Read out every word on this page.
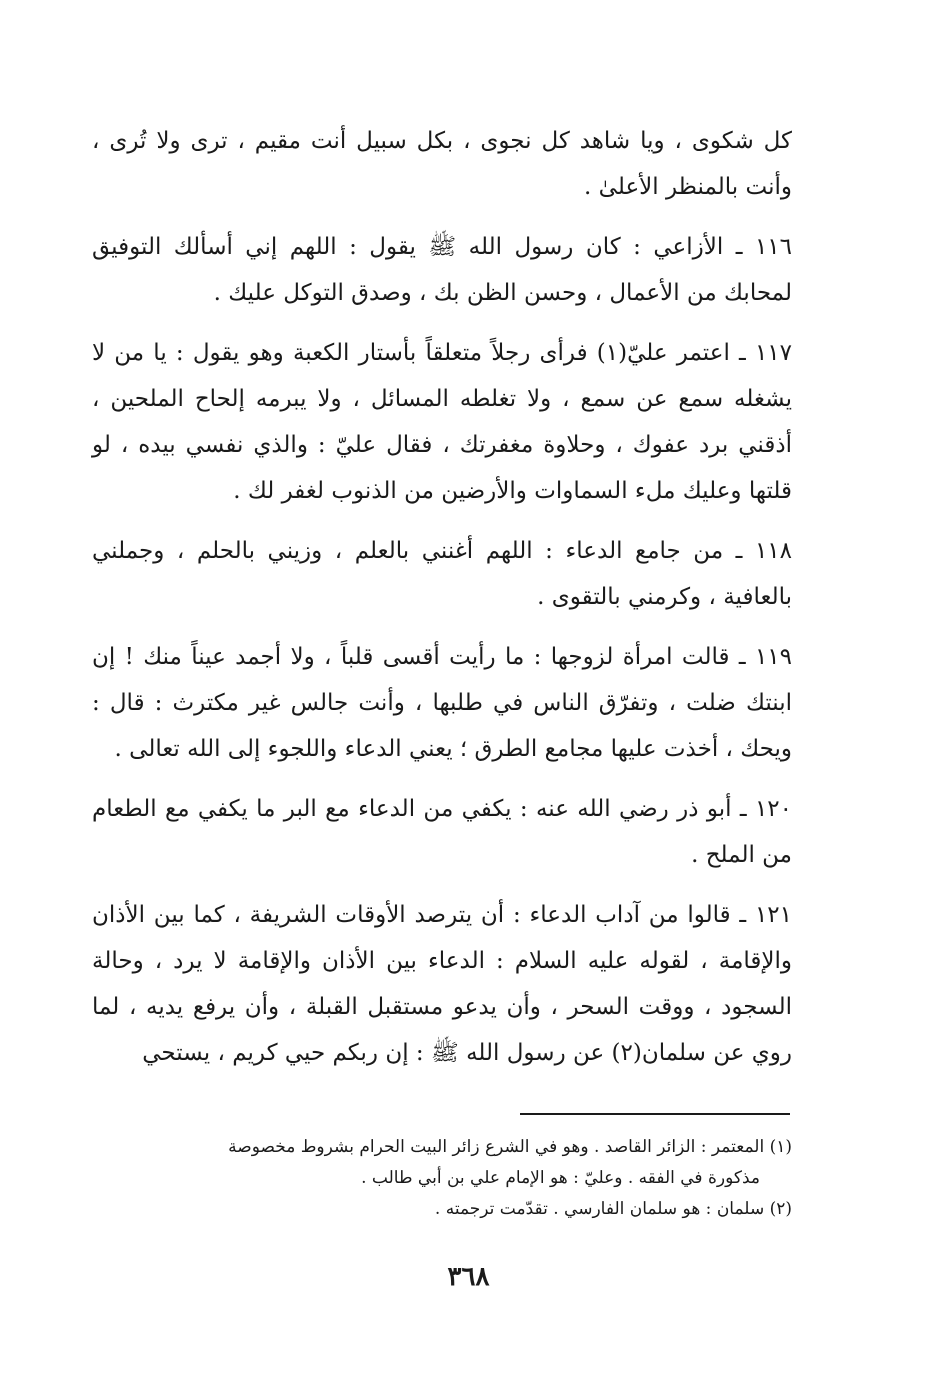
كل شكوى ، ويا شاهد كل نجوى ، بكل سبيل أنت مقيم ، ترى ولا تُرى ، وأنت بالمنظر الأعلىٰ .

١١٦ ـ الأزاعي : كان رسول الله ﷺ يقول : اللهم إني أسألك التوفيق لمحابك من الأعمال ، وحسن الظن بك ، وصدق التوكل عليك .

١١٧ ـ اعتمر عليّ(١) فرأى رجلاً متعلقاً بأستار الكعبة وهو يقول : يا من لا يشغله سمع عن سمع ، ولا تغلطه المسائل ، ولا يبرمه إلحاح الملحين ، أذقني برد عفوك ، وحلاوة مغفرتك ، فقال عليّ : والذي نفسي بيده ، لو قلتها وعليك ملء السماوات والأرضين من الذنوب لغفر لك .

١١٨ ـ من جامع الدعاء : اللهم أغنني بالعلم ، وزيني بالحلم ، وجملني بالعافية ، وكرمني بالتقوى .

١١٩ ـ قالت امرأة لزوجها : ما رأيت أقسى قلباً ، ولا أجمد عيناً منك ! إن ابنتك ضلت ، وتفرّق الناس في طلبها ، وأنت جالس غير مكترث : قال : ويحك ، أخذت عليها مجامع الطرق ؛ يعني الدعاء واللجوء إلى الله تعالى .

١٢٠ ـ أبو ذر رضي الله عنه : يكفي من الدعاء مع البر ما يكفي مع الطعام من الملح .

١٢١ ـ قالوا من آداب الدعاء : أن يترصد الأوقات الشريفة ، كما بين الأذان والإقامة ، لقوله عليه السلام : الدعاء بين الأذان والإقامة لا يرد ، وحالة السجود ، ووقت السحر ، وأن يدعو مستقبل القبلة ، وأن يرفع يديه ، لما روي عن سلمان(٢) عن رسول الله ﷺ : إن ربكم حيي كريم ، يستحي

(١) المعتمر : الزائر القاصد . وهو في الشرع زائر البيت الحرام بشروط مخصوصة

مذكورة في الفقه . وعليّ : هو الإمام علي بن أبي طالب .

(٢) سلمان : هو سلمان الفارسي . تقدّمت ترجمته .

٣٦٨
